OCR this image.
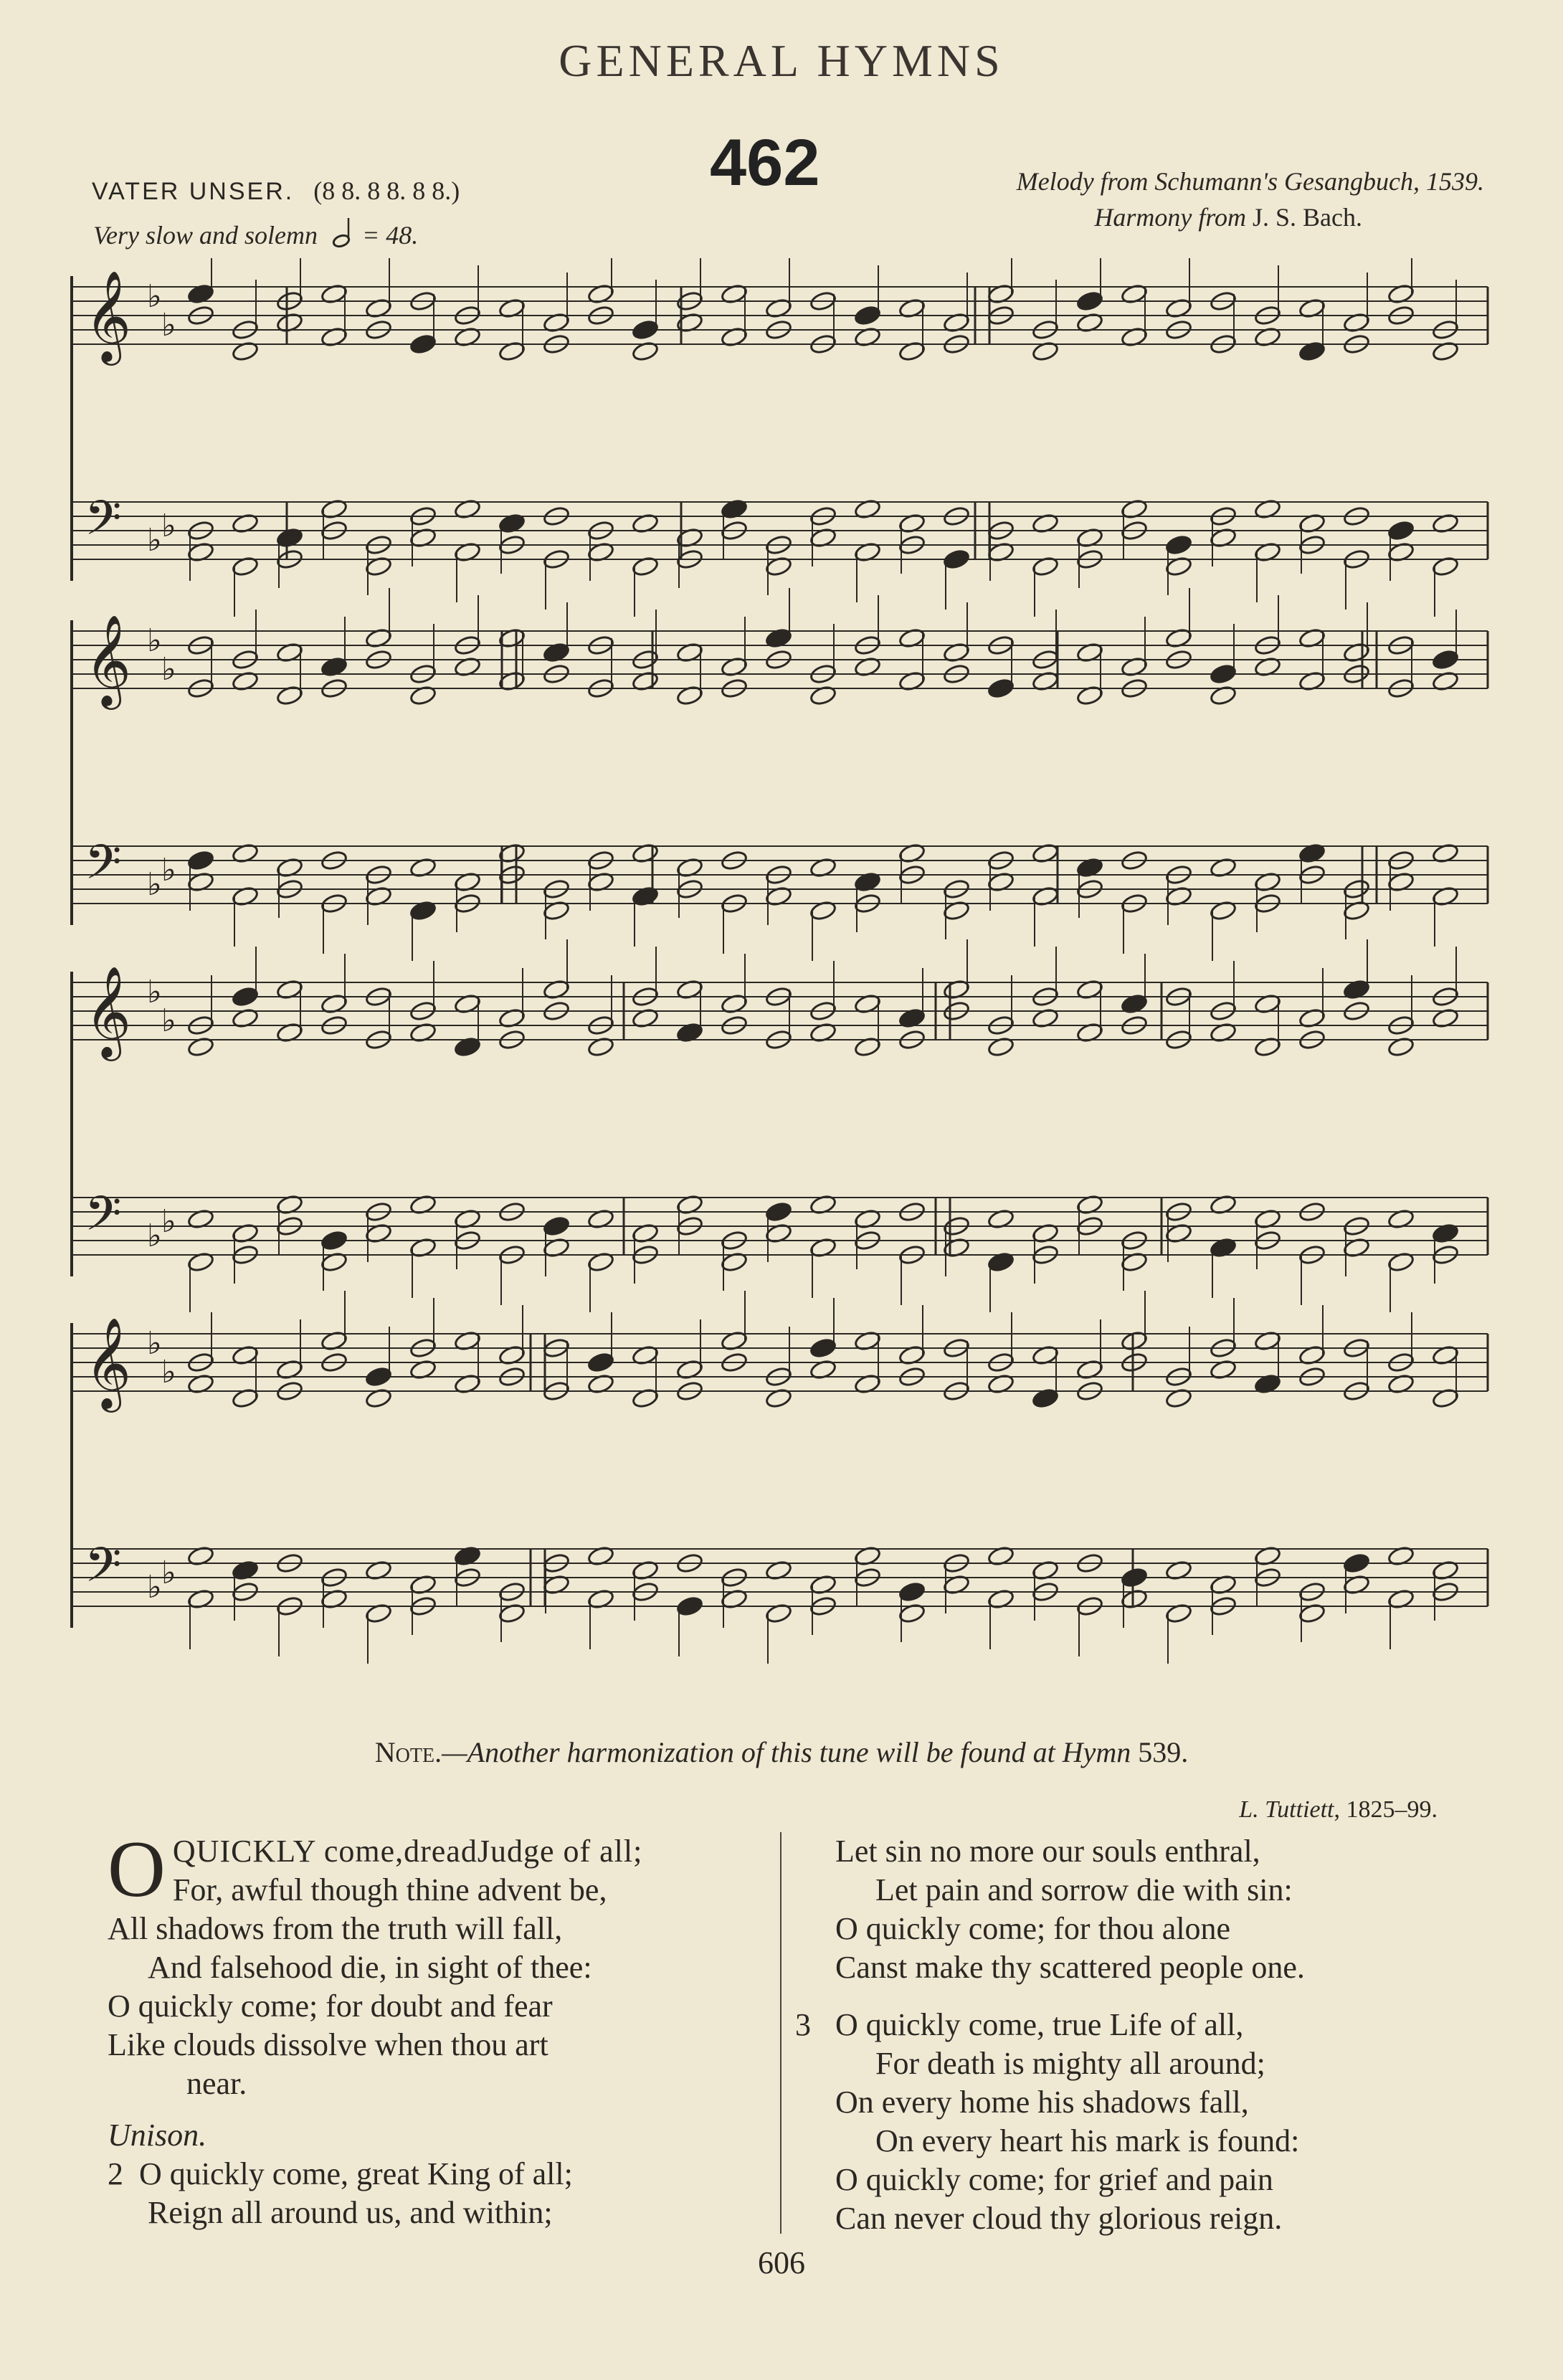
GENERAL HYMNS
462
VATER UNSER. (8 8. 8 8. 8 8.)
Very slow and solemn = 48.
Melody from Schumann's Gesangbuch, 1539.
Harmony from J. S. Bach.
𝄞 ♭
♭
𝄢 ♭ ♭
𝄞 ♭
♭
𝄢 ♭ ♭
𝄞 ♭
♭
𝄢 ♭ ♭
𝄞 ♭
♭
𝄢 ♭ ♭
Note.—Another harmonization of this tune will be found at Hymn 539.
L. Tuttiett, 1825–99.
O QUICKLY come,dreadJudge of all;
For, awful though thine advent be,
All shadows from the truth will fall,
And falsehood die, in sight of thee:
O quickly come; for doubt and fear
Like clouds dissolve when thou art
near.
Unison.
2 O quickly come, great King of all;
Reign all around us, and within;
Let sin no more our souls enthral,
Let pain and sorrow die with sin:
O quickly come; for thou alone
Canst make thy scattered people one.
3 O quickly come, true Life of all,
For death is mighty all around;
On every home his shadows fall,
On every heart his mark is found:
O quickly come; for grief and pain
Can never cloud thy glorious reign.
606
